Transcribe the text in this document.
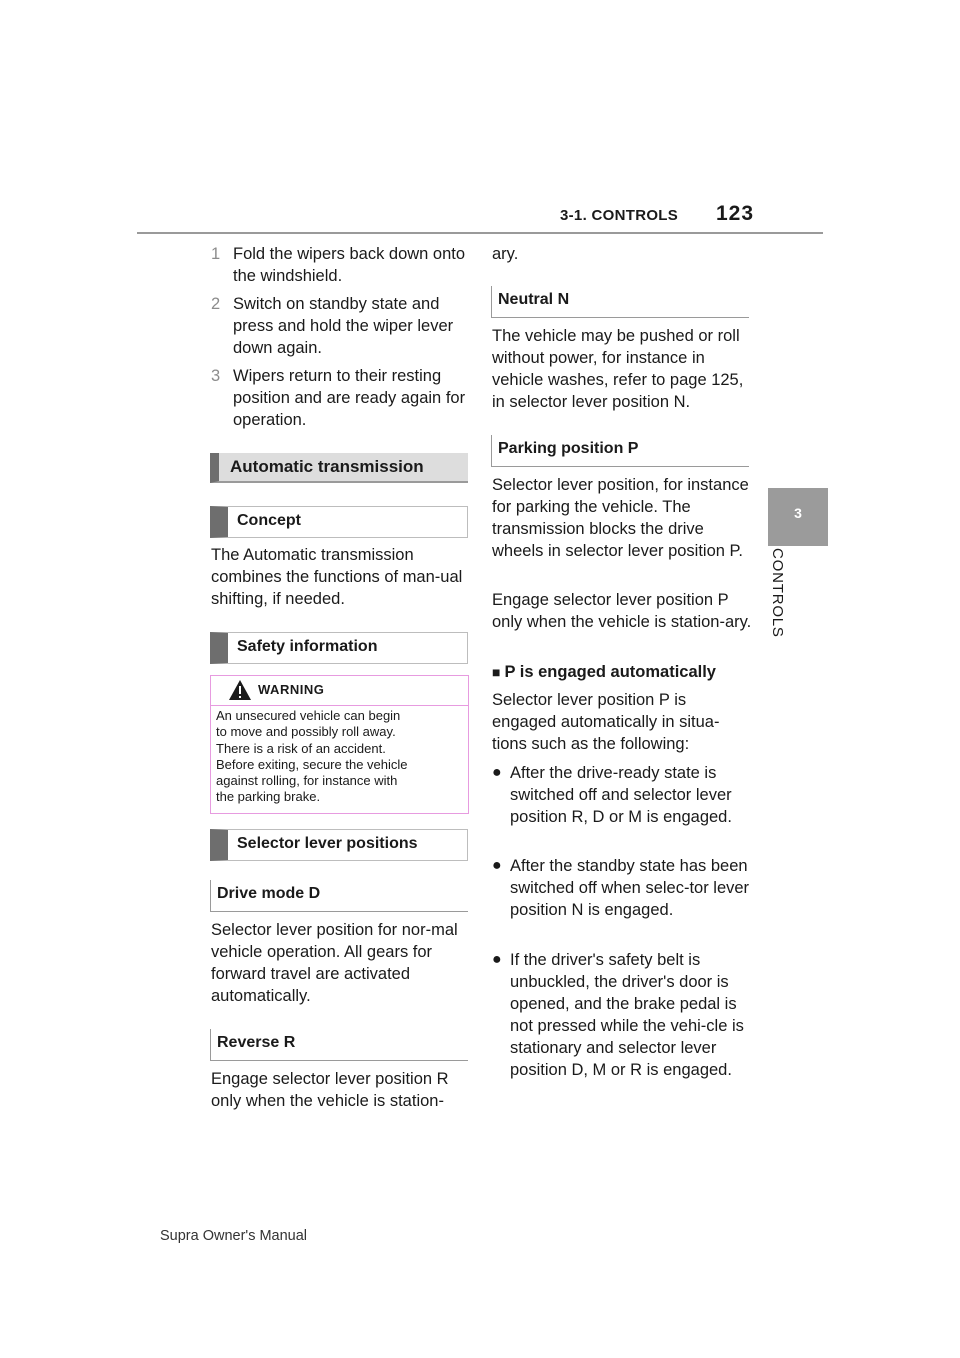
3-1. CONTROLS 123
3
CONTROLS
1 Fold the wipers back down onto the windshield.
2 Switch on standby state and press and hold the wiper lever down again.
3 Wipers return to their resting position and are ready again for operation.
Automatic transmission
Concept
The Automatic transmission combines the functions of man-ual shifting, if needed.
Safety information
WARNING
An unsecured vehicle can begin
to move and possibly roll away.
There is a risk of an accident.
Before exiting, secure the vehicle
against rolling, for instance with
the parking brake.
Selector lever positions
Drive mode D
Selector lever position for nor-mal vehicle operation. All gears for forward travel are activated automatically.
Reverse R
Engage selector lever position R
only when the vehicle is station-
ary.
Neutral N
The vehicle may be pushed or roll without power, for instance in vehicle washes, refer to page 125, in selector lever position N.
Parking position P
Selector lever position, for instance for parking the vehicle. The transmission blocks the drive wheels in selector lever position P.
Engage selector lever position P only when the vehicle is station-ary.
■ P is engaged automatically
Selector lever position P is engaged automatically in situa-tions such as the following:
● After the drive-ready state is switched off and selector lever position R, D or M is engaged.
● After the standby state has been switched off when selec-tor lever position N is engaged.
● If the driver's safety belt is unbuckled, the driver's door is opened, and the brake pedal is not pressed while the vehi-cle is stationary and selector lever position D, M or R is engaged.
Supra Owner's Manual
